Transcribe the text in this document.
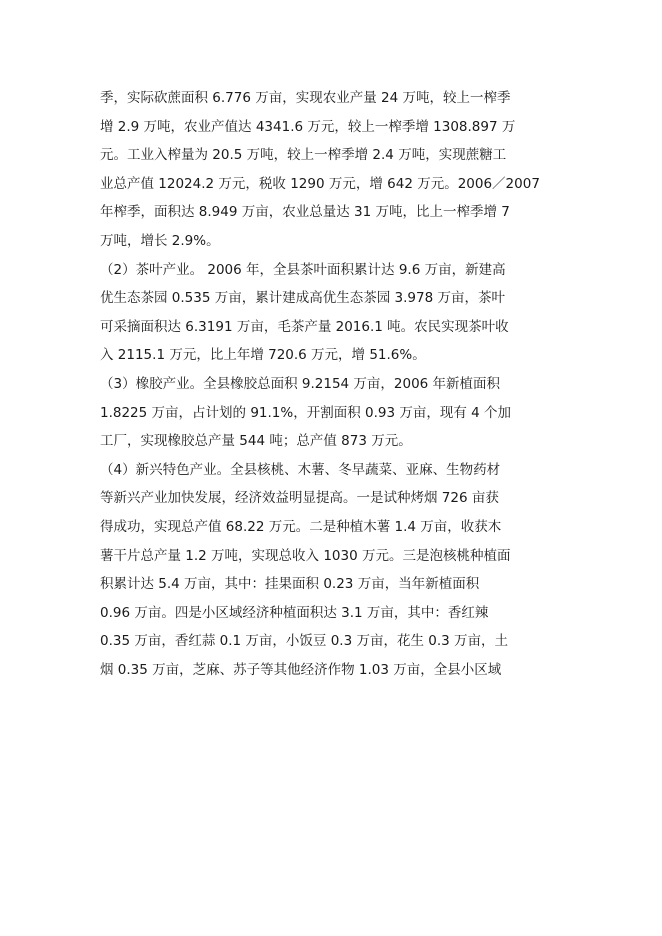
季，实际砍蔗面积 6.776 万亩，实现农业产量 24 万吨，较上一榨季
增 2.9 万吨，农业产值达 4341.6 万元，较上一榨季增 1308.897 万
元。工业入榨量为 20.5 万吨，较上一榨季增 2.4 万吨，实现蔗糖工
业总产值 12024.2 万元，税收 1290 万元，增 642 万元。2006／2007
年榨季，面积达 8.949 万亩，农业总量达 31 万吨，比上一榨季增 7
万吨，增长 2.9%。
（2）茶叶产业。 2006 年，全县茶叶面积累计达 9.6 万亩，新建高
优生态茶园 0.535 万亩，累计建成高优生态茶园 3.978 万亩，茶叶
可采摘面积达 6.3191 万亩，毛茶产量 2016.1 吨。农民实现茶叶收
入 2115.1 万元，比上年增 720.6 万元，增 51.6%。
（3）橡胶产业。全县橡胶总面积 9.2154 万亩，2006 年新植面积
1.8225 万亩，占计划的 91.1%，开割面积 0.93 万亩，现有 4 个加
工厂，实现橡胶总产量 544 吨；总产值 873 万元。
（4）新兴特色产业。全县核桃、木薯、冬早蔬菜、亚麻、生物药材
等新兴产业加快发展，经济效益明显提高。一是试种烤烟 726 亩获
得成功，实现总产值 68.22 万元。二是种植木薯 1.4 万亩，收获木
薯干片总产量 1.2 万吨，实现总收入 1030 万元。三是泡核桃种植面
积累计达 5.4 万亩，其中：挂果面积 0.23 万亩，当年新植面积
0.96 万亩。四是小区域经济种植面积达 3.1 万亩，其中：香红辣
0.35 万亩，香红蒜 0.1 万亩，小饭豆 0.3 万亩，花生 0.3 万亩，土
烟 0.35 万亩，芝麻、苏子等其他经济作物 1.03 万亩，全县小区域
